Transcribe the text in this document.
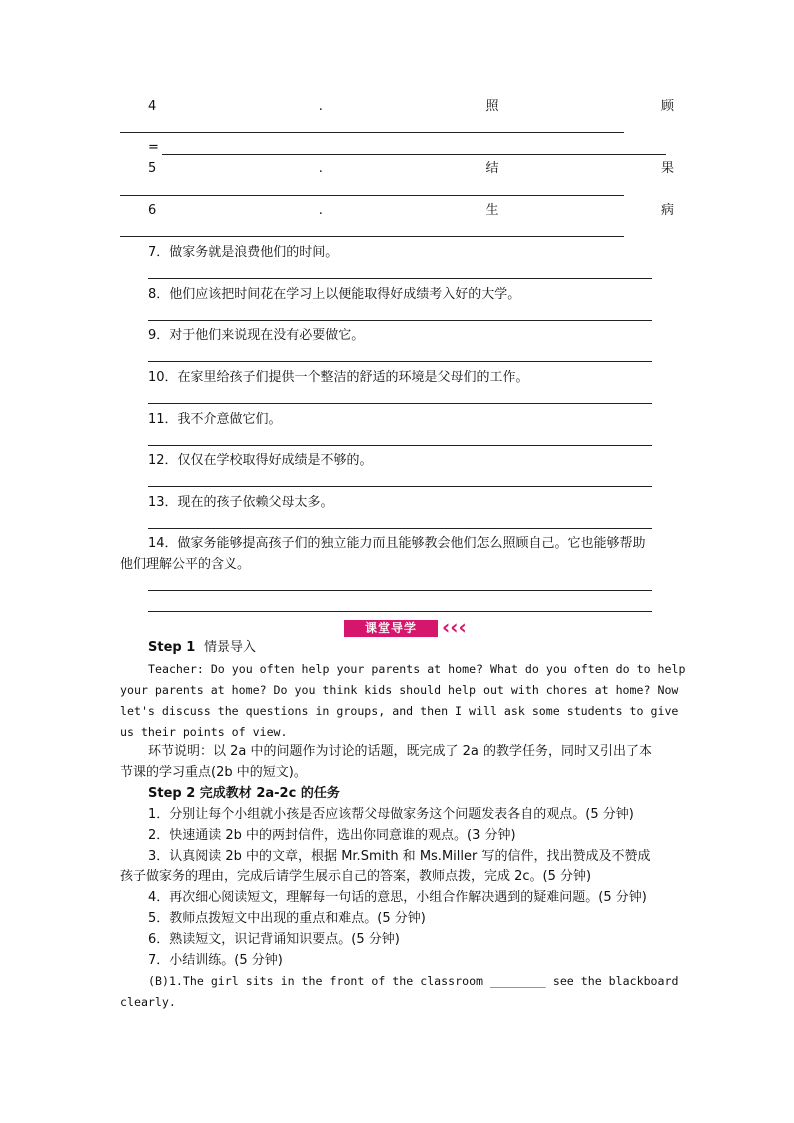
4	.	照	顾
=
5	.	结	果
6	.	生	病
7．做家务就是浪费他们的时间。
8．他们应该把时间花在学习上以便能取得好成绩考入好的大学。
9．对于他们来说现在没有必要做它。
10．在家里给孩子们提供一个整洁的舒适的环境是父母们的工作。
11．我不介意做它们。
12．仅仅在学校取得好成绩是不够的。
13．现在的孩子依赖父母太多。
14．做家务能够提高孩子们的独立能力而且能够教会他们怎么照顾自己。它也能够帮助
他们理解公平的含义。
课堂导学	‹‹‹
Step 1 情景导入
Teacher: Do you often help your parents at home? What do you often do to help
your parents at home? Do you think kids should help out with chores at home? Now
let's discuss the questions in groups, and then I will ask some students to give
us their points of view.
环节说明：以 2a 中的问题作为讨论的话题，既完成了 2a 的教学任务，同时又引出了本
节课的学习重点(2b 中的短文)。
Step 2 完成教材 2a-2c 的任务
1．分别让每个小组就小孩是否应该帮父母做家务这个问题发表各自的观点。(5 分钟)
2．快速通读 2b 中的两封信件，选出你同意谁的观点。(3 分钟)
3．认真阅读 2b 中的文章，根据 Mr.Smith 和 Ms.Miller 写的信件，找出赞成及不赞成
孩子做家务的理由，完成后请学生展示自己的答案，教师点拨，完成 2c。(5 分钟)
4．再次细心阅读短文，理解每一句话的意思，小组合作解决遇到的疑难问题。(5 分钟)
5．教师点拨短文中出现的重点和难点。(5 分钟)
6．熟读短文，识记背诵知识要点。(5 分钟)
7．小结训练。(5 分钟)
(B)1.The girl sits in the front of the classroom ________ see the blackboard
clearly.
